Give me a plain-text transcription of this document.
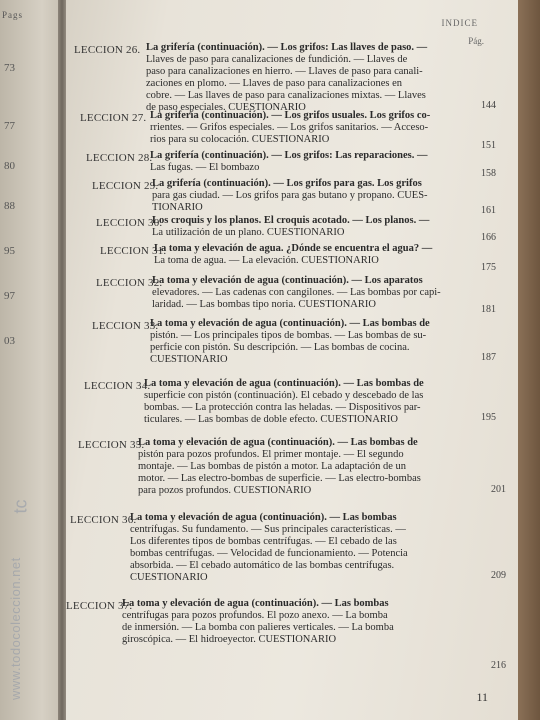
Pags
73
77
80
88
95
97
03
INDICE
Pág.
LECCION 26. La grifería (continuación). — Los grifos: Las llaves de paso. —
Llaves de paso para canalizaciones de fundición. — Llaves de
paso para canalizaciones en hierro. — Llaves de paso para canali-
zaciones en plomo. — Llaves de paso para canalizaciones en
cobre. — Las llaves de paso para canalizaciones mixtas. — Llaves
de paso especiales. CUESTIONARIO	144
LECCION 27. La grifería (continuación). — Los grifos usuales. Los grifos co-
rrientes. — Grifos especiales. — Los grifos sanitarios. — Acceso-
rios para su colocación. CUESTIONARIO
151
LECCION 28.
La grifería (continuación). — Los grifos: Las reparaciones. —
Las fugas. — El bombazo
158
LECCION 29.
La grifería (continuación). — Los grifos para gas. Los grifos
para gas ciudad. — Los grifos para gas butano y propano. CUES-
TIONARIO	161
LECCION 30.
Los croquis y los planos. El croquis acotado. — Los planos. —
La utilización de un plano. CUESTIONARIO	166
LECCION 31.
La toma y elevación de agua. ¿Dónde se encuentra el agua? —
La toma de agua. — La elevación. CUESTIONARIO
175
LECCION 32.
La toma y elevación de agua (continuación). — Los aparatos
elevadores. — Las cadenas con cangilones. — Las bombas por capi-
laridad. — Las bombas tipo noria. CUESTIONARIO	181
LECCION 33.
La toma y elevación de agua (continuación). — Las bombas de
pistón. — Los principales tipos de bombas. — Las bombas de su-
perficie con pistón. Su descripción. — Las bombas de cocina.
CUESTIONARIO	187
LECCION 34.
La toma y elevación de agua (continuación). — Las bombas de
superficie con pistón (continuación). El cebado y descebado de las
bombas. — La protección contra las heladas. — Dispositivos par-
ticulares. — Las bombas de doble efecto. CUESTIONARIO	195
LECCION 35.
La toma y elevación de agua (continuación). — Las bombas de
pistón para pozos profundos. El primer montaje. — El segundo
montaje. — Las bombas de pistón a motor. La adaptación de un
motor. — Las electro-bombas de superficie. — Las electro-bombas
para pozos profundos. CUESTIONARIO	201
LECCION 36.
La toma y elevación de agua (continuación). — Las bombas
centrífugas. Su fundamento. — Sus principales características. —
Los diferentes tipos de bombas centrífugas. — El cebado de las
bombas centrífugas. — Velocidad de funcionamiento. — Potencia
absorbida. — El cebado automático de las bombas centrífugas.
CUESTIONARIO	209
LECCION 37.
La toma y elevación de agua (continuación). — Las bombas
centrífugas para pozos profundos. El pozo anexo. — La bomba
de inmersión. — La bomba con palieres verticales. — La bomba
giroscópica. — El hidroeyector. CUESTIONARIO
216
11
tc
www.todocoleccion.net
